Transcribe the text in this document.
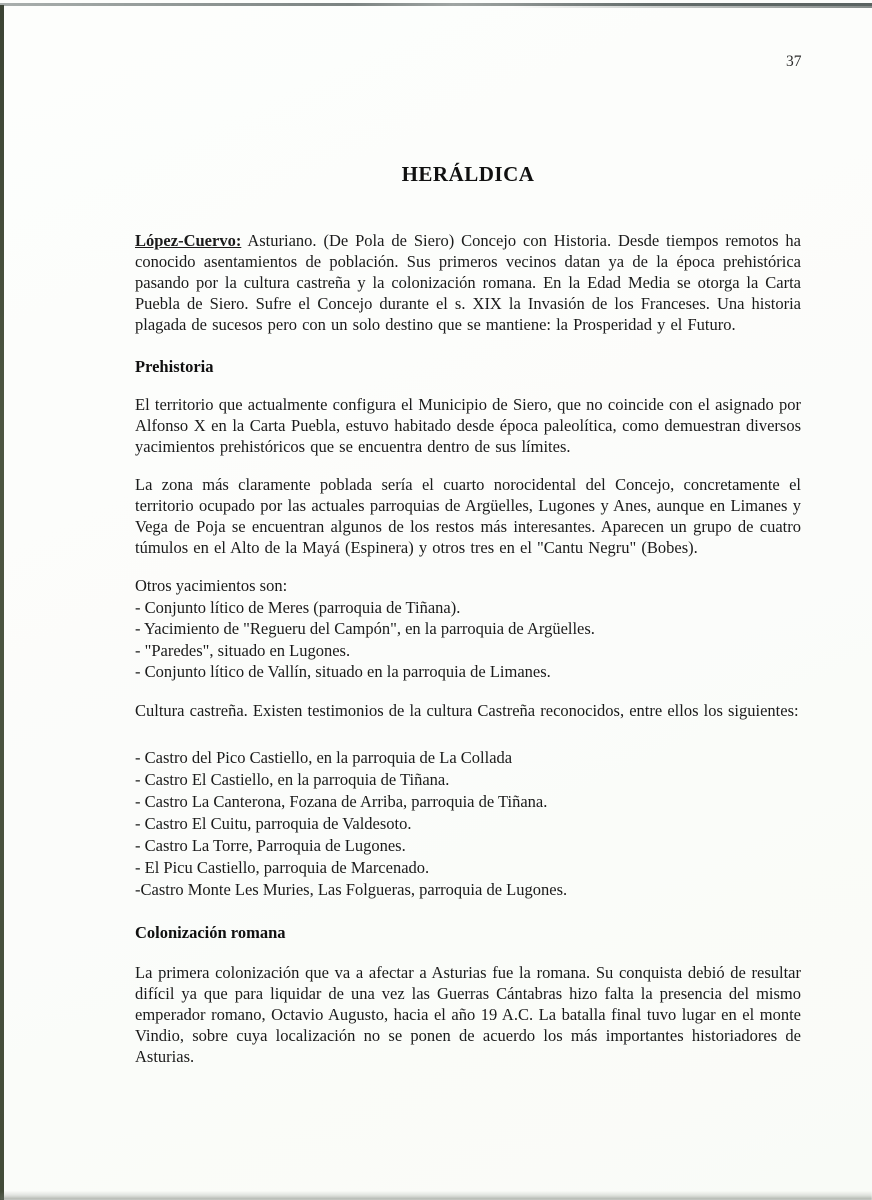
37
HERÁLDICA

López-Cuervo: Asturiano. (De Pola de Siero) Concejo con Historia. Desde tiempos remotos ha conocido asentamientos de población. Sus primeros vecinos datan ya de la época prehistórica pasando por la cultura castreña y la colonización romana. En la Edad Media se otorga la Carta Puebla de Siero. Sufre el Concejo durante el s. XIX la Invasión de los Franceses. Una historia plagada de sucesos pero con un solo destino que se mantiene: la Prosperidad y el Futuro.

Prehistoria

El territorio que actualmente configura el Municipio de Siero, que no coincide con el asignado por Alfonso X en la Carta Puebla, estuvo habitado desde época paleolítica, como demuestran diversos yacimientos prehistóricos que se encuentra dentro de sus límites.

La zona más claramente poblada sería el cuarto norocidental del Concejo, concretamente el territorio ocupado por las actuales parroquias de Argüelles, Lugones y Anes, aunque en Limanes y Vega de Poja se encuentran algunos de los restos más interesantes. Aparecen un grupo de cuatro túmulos en el Alto de la Mayá (Espinera) y otros tres en el "Cantu Negru" (Bobes).

Otros yacimientos son:

- Conjunto lítico de Meres (parroquia de Tiñana).

- Yacimiento de "Regueru del Campón", en la parroquia de Argüelles.

- "Paredes", situado en Lugones.

- Conjunto lítico de Vallín, situado en la parroquia de Limanes.

Cultura castreña. Existen testimonios de la cultura Castreña reconocidos, entre ellos los siguientes:

- Castro del Pico Castiello, en la parroquia de La Collada

- Castro El Castiello, en la parroquia de Tiñana.

- Castro La Canterona, Fozana de Arriba, parroquia de Tiñana.

- Castro El Cuitu, parroquia de Valdesoto.

- Castro La Torre, Parroquia de Lugones.

- El Picu Castiello, parroquia de Marcenado.

-Castro Monte Les Muries, Las Folgueras, parroquia de Lugones.

Colonización romana

La primera colonización que va a afectar a Asturias fue la romana. Su conquista debió de resultar difícil ya que para liquidar de una vez las Guerras Cántabras hizo falta la presencia del mismo emperador romano, Octavio Augusto, hacia el año 19 A.C. La batalla final tuvo lugar en el monte Vindio, sobre cuya localización no se ponen de acuerdo los más importantes historiadores de Asturias.
